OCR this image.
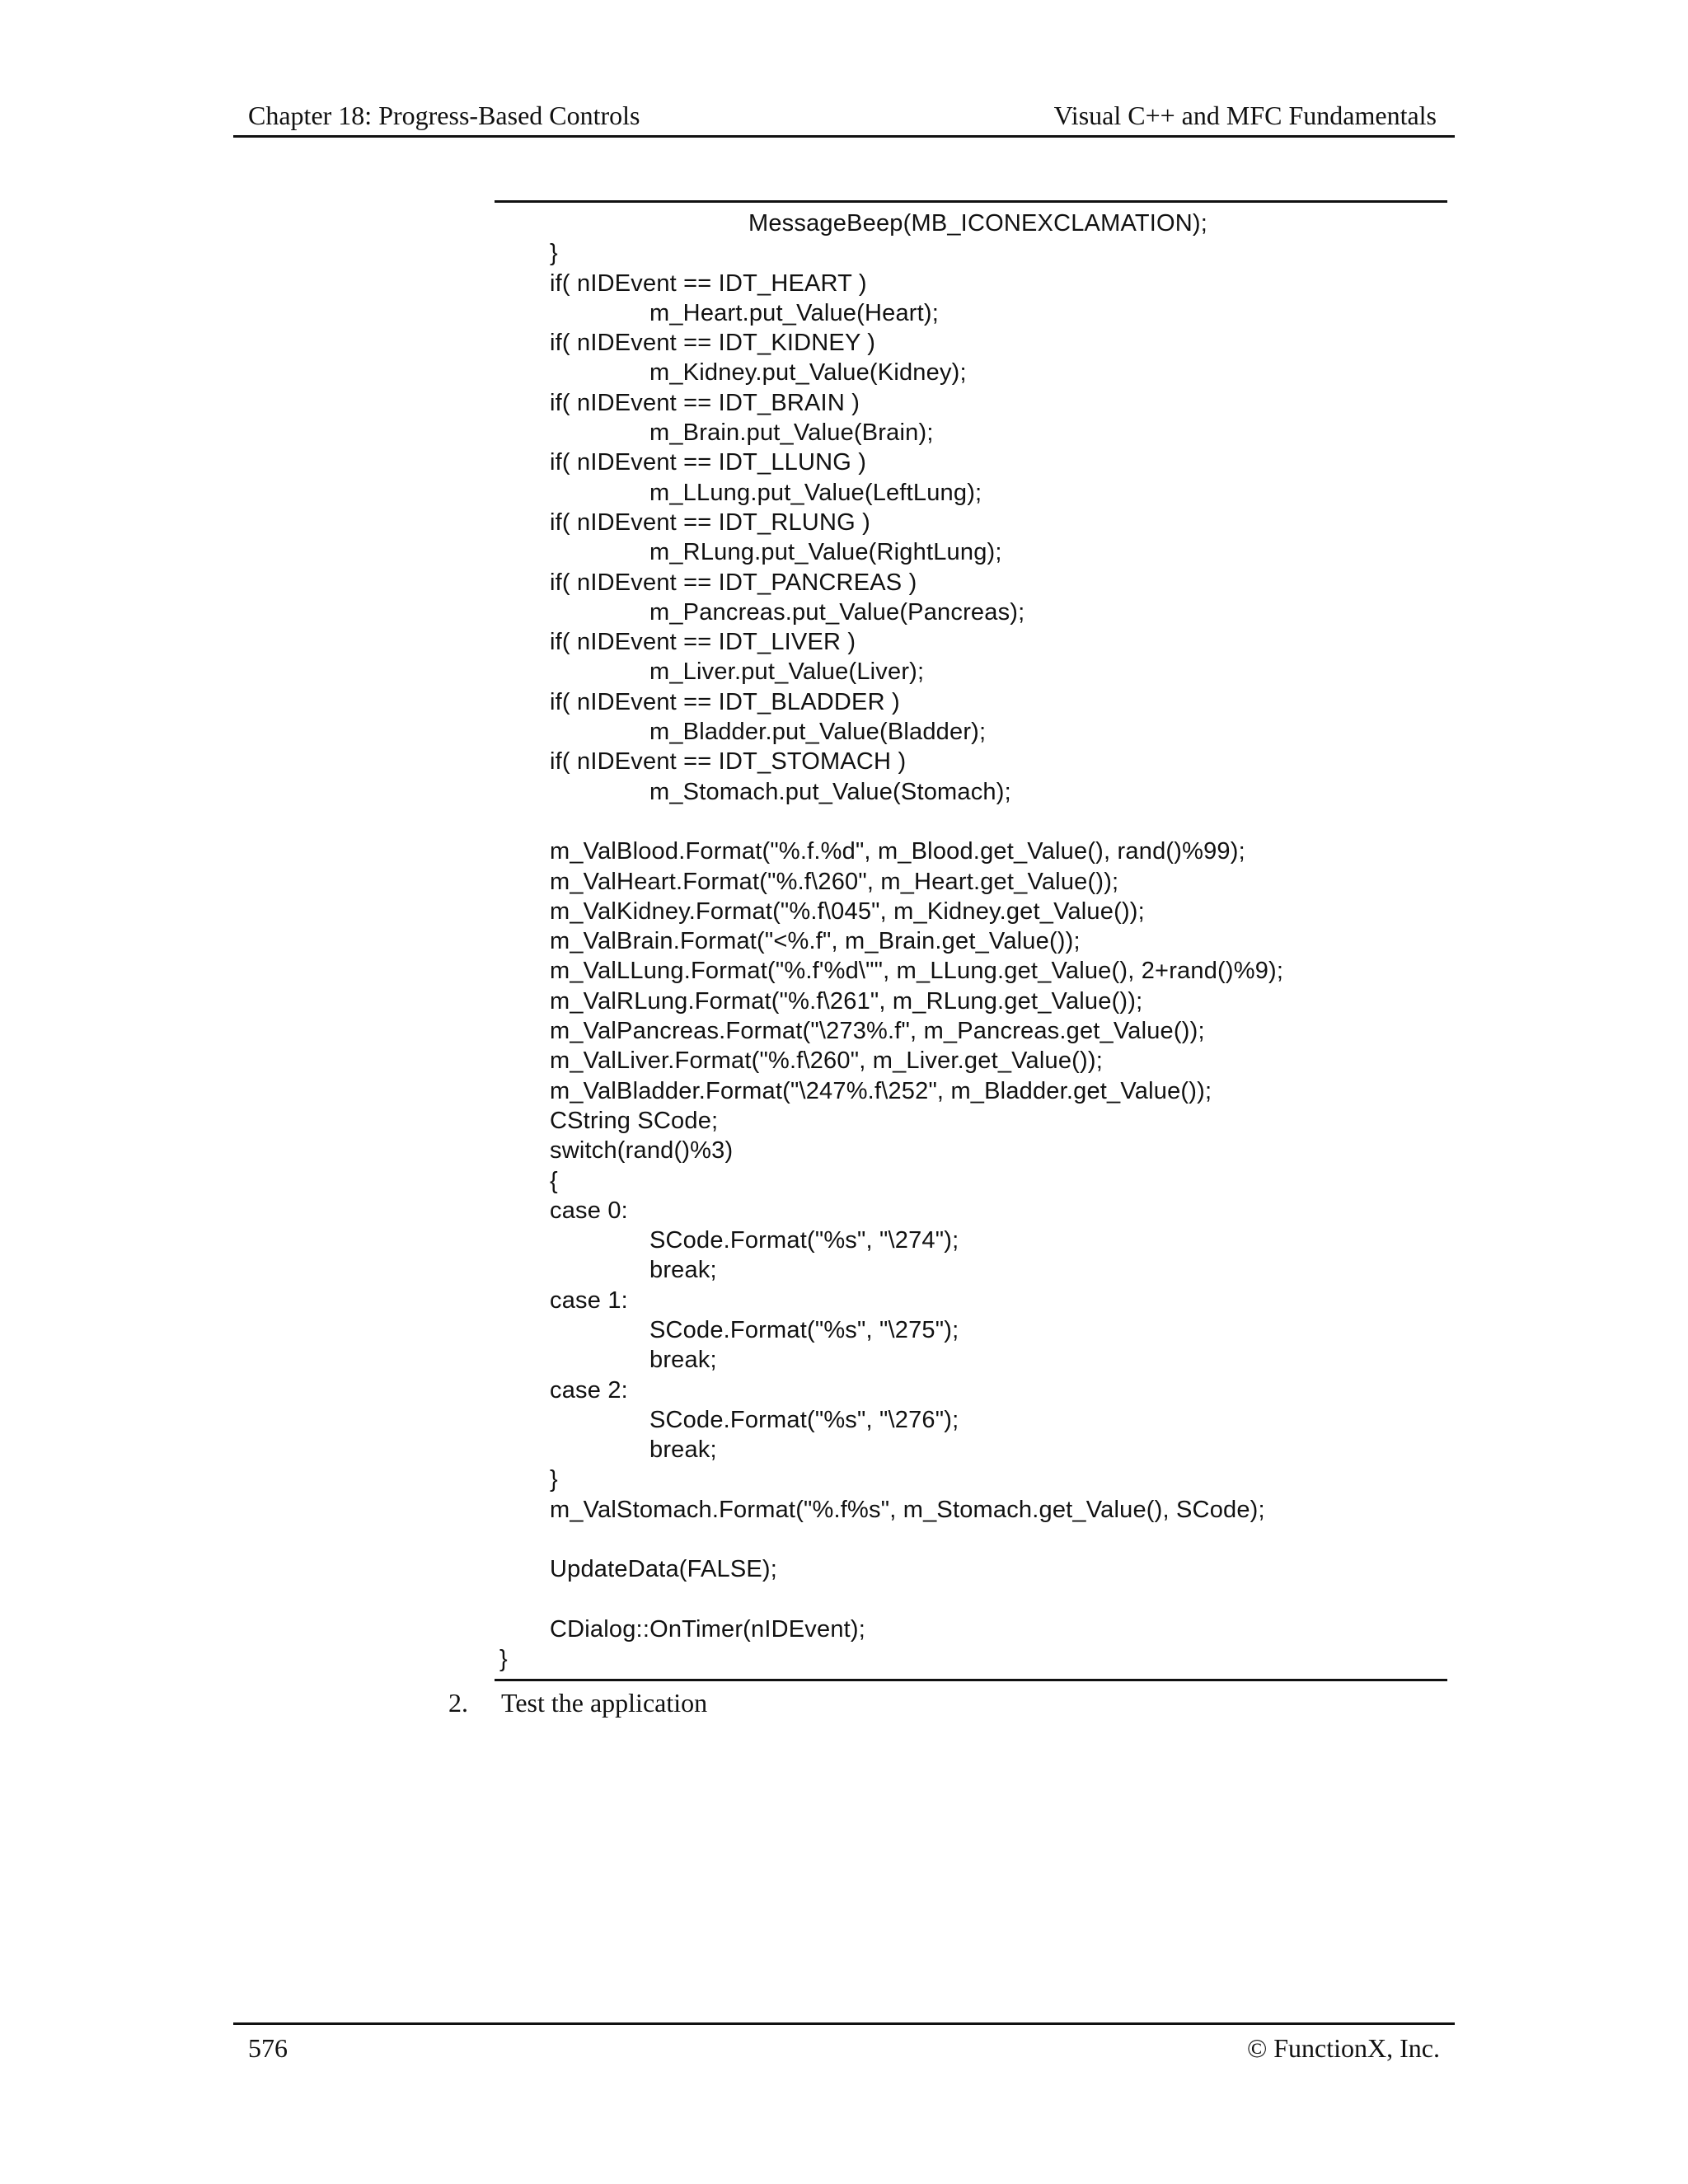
Chapter 18: Progress-Based Controls	Visual C++ and MFC Fundamentals
MessageBeep(MB_ICONEXCLAMATION);
}
if( nIDEvent == IDT_HEART )
m_Heart.put_Value(Heart);
if( nIDEvent == IDT_KIDNEY )
m_Kidney.put_Value(Kidney);
if( nIDEvent == IDT_BRAIN )
m_Brain.put_Value(Brain);
if( nIDEvent == IDT_LLUNG )
m_LLung.put_Value(LeftLung);
if( nIDEvent == IDT_RLUNG )
m_RLung.put_Value(RightLung);
if( nIDEvent == IDT_PANCREAS )
m_Pancreas.put_Value(Pancreas);
if( nIDEvent == IDT_LIVER )
m_Liver.put_Value(Liver);
if( nIDEvent == IDT_BLADDER )
m_Bladder.put_Value(Bladder);
if( nIDEvent == IDT_STOMACH )
m_Stomach.put_Value(Stomach);
m_ValBlood.Format("%.f.%d", m_Blood.get_Value(), rand()%99);
m_ValHeart.Format("%.f\260", m_Heart.get_Value());
m_ValKidney.Format("%.f\045", m_Kidney.get_Value());
m_ValBrain.Format("<%.f", m_Brain.get_Value());
m_ValLLung.Format("%.f'%d\"", m_LLung.get_Value(), 2+rand()%9);
m_ValRLung.Format("%.f\261", m_RLung.get_Value());
m_ValPancreas.Format("\273%.f", m_Pancreas.get_Value());
m_ValLiver.Format("%.f\260", m_Liver.get_Value());
m_ValBladder.Format("\247%.f\252", m_Bladder.get_Value());
CString SCode;
switch(rand()%3)
{
case 0:
SCode.Format("%s", "\274");
break;
case 1:
SCode.Format("%s", "\275");
break;
case 2:
SCode.Format("%s", "\276");
break;
}
m_ValStomach.Format("%.f%s", m_Stomach.get_Value(), SCode);
UpdateData(FALSE);
CDialog::OnTimer(nIDEvent);
}
2. Test the application
576	© FunctionX, Inc.
